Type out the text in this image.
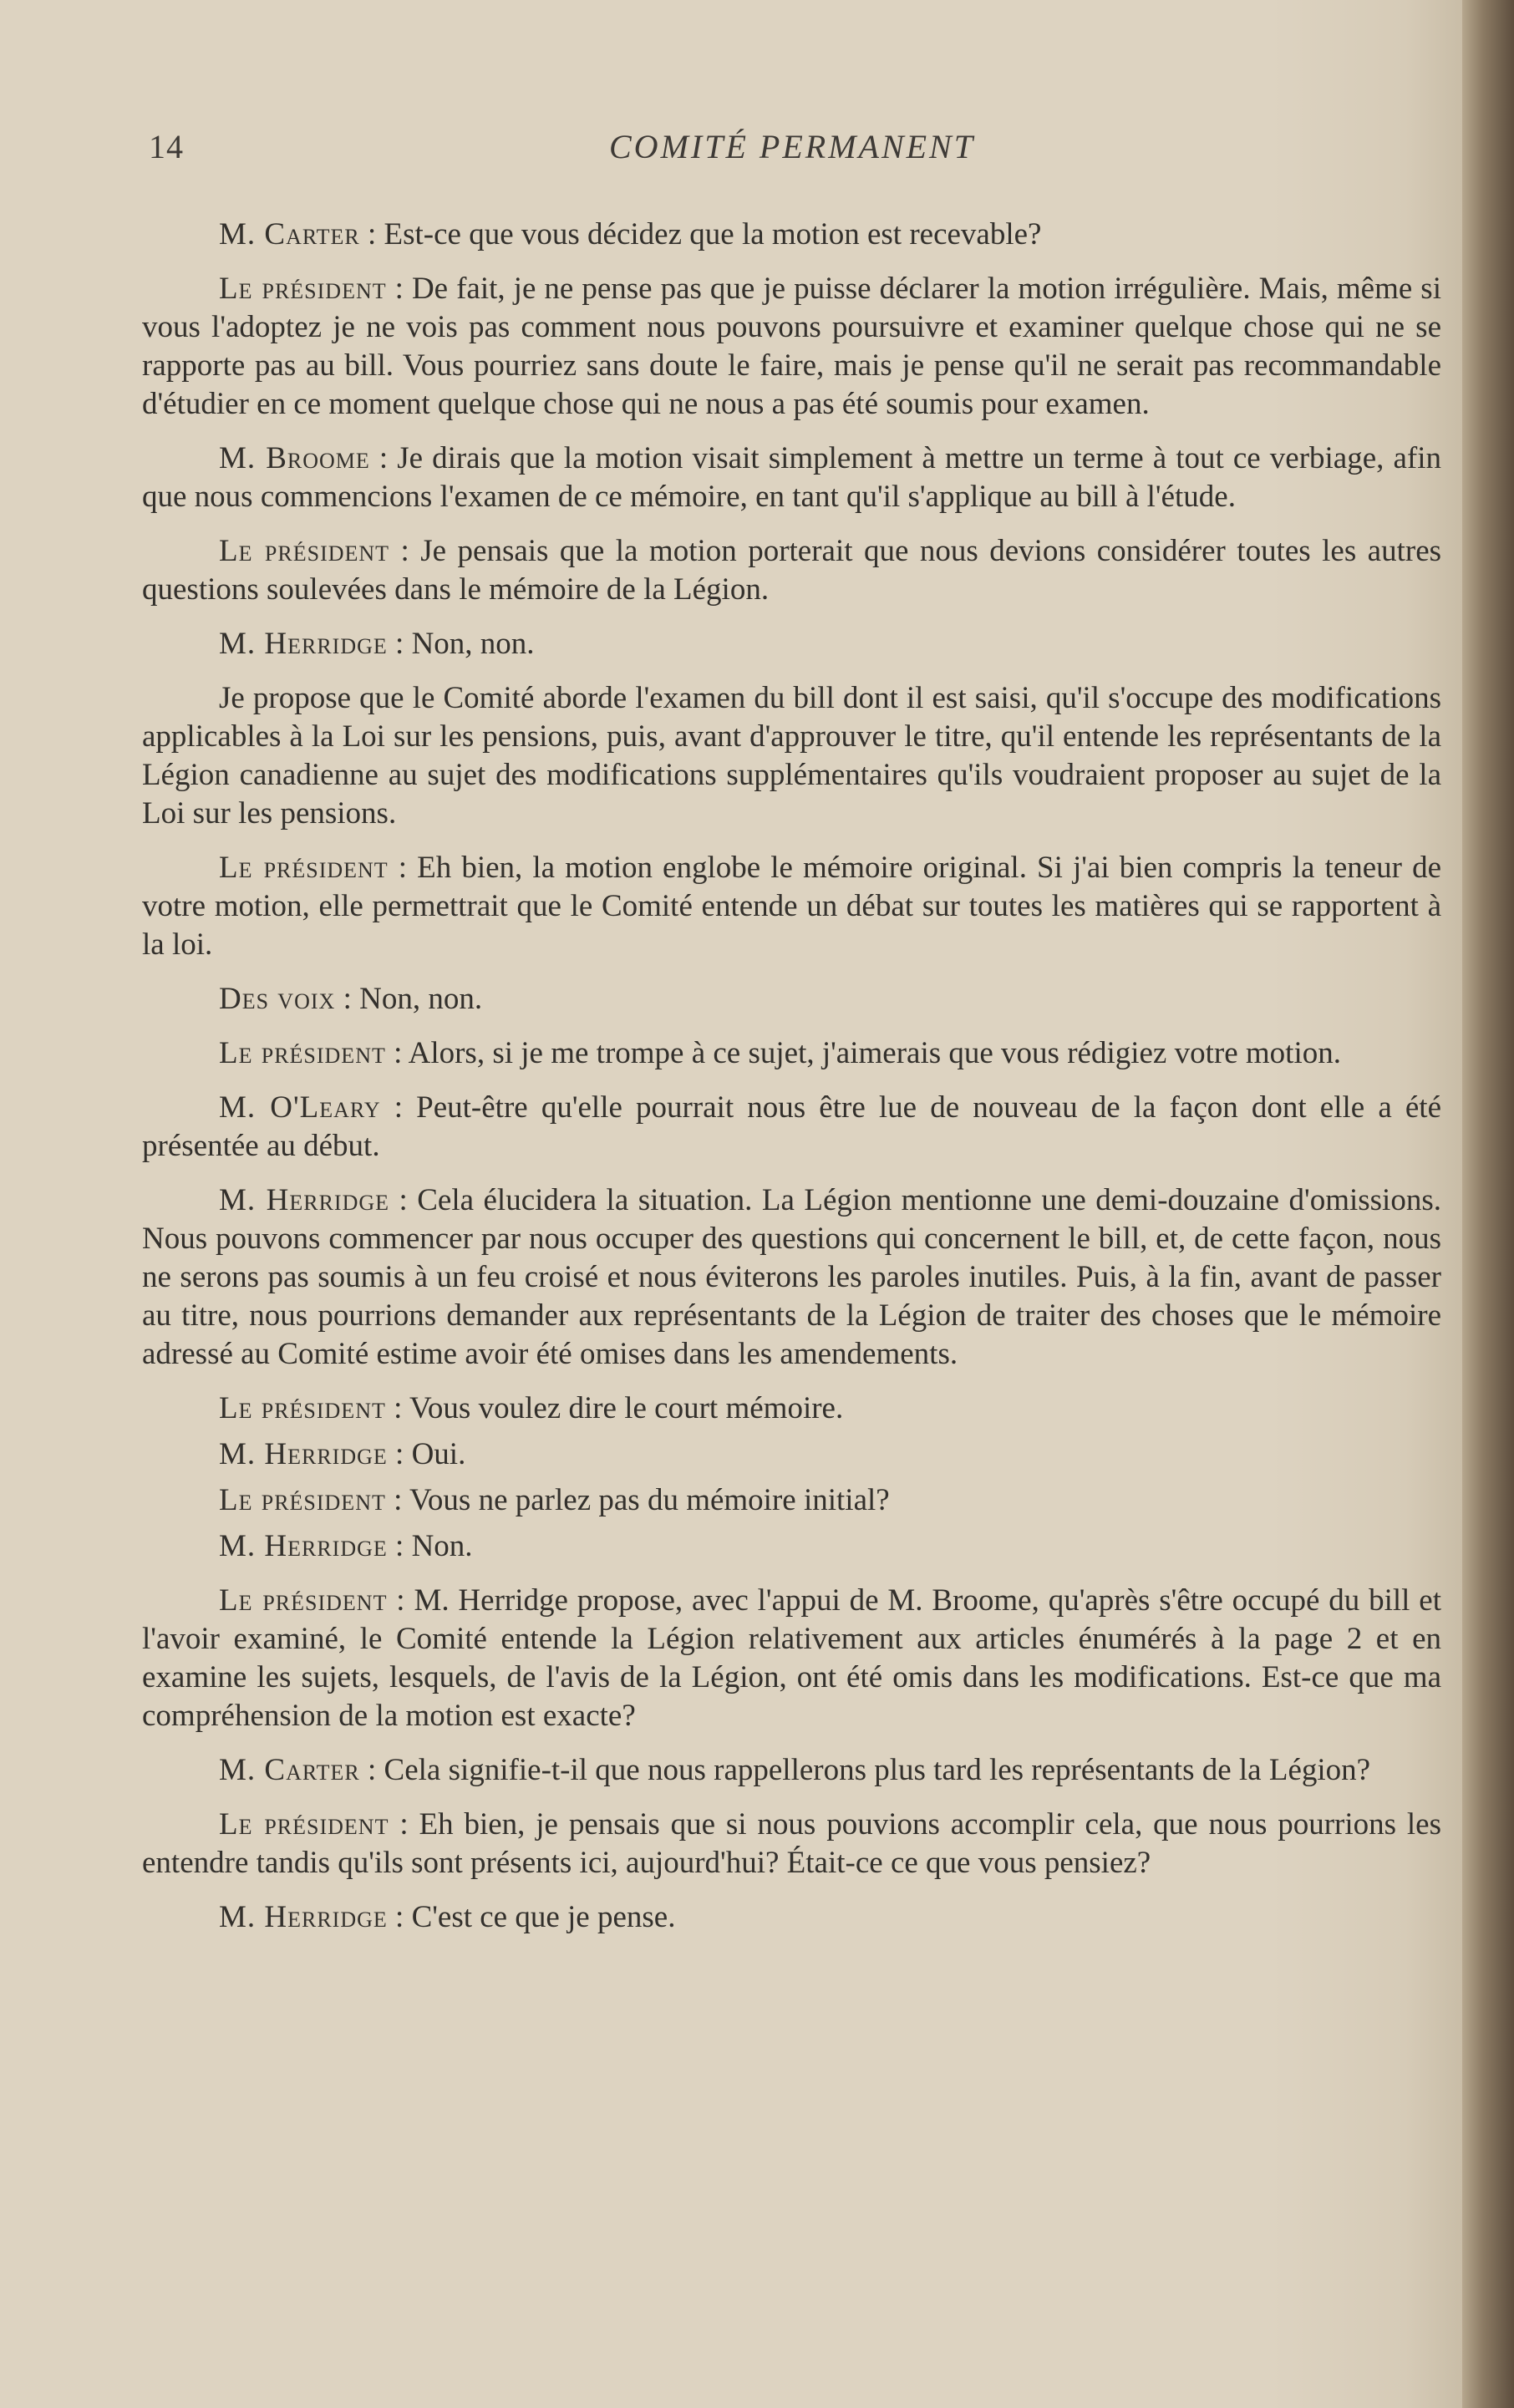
14	COMITÉ PERMANENT

M. Carter : Est-ce que vous décidez que la motion est recevable?

Le président : De fait, je ne pense pas que je puisse déclarer la motion irrégulière. Mais, même si vous l'adoptez je ne vois pas comment nous pouvons poursuivre et examiner quelque chose qui ne se rapporte pas au bill. Vous pourriez sans doute le faire, mais je pense qu'il ne serait pas recommandable d'étudier en ce moment quelque chose qui ne nous a pas été soumis pour examen.

M. Broome : Je dirais que la motion visait simplement à mettre un terme à tout ce verbiage, afin que nous commencions l'examen de ce mémoire, en tant qu'il s'applique au bill à l'étude.

Le président : Je pensais que la motion porterait que nous devions considérer toutes les autres questions soulevées dans le mémoire de la Légion.

M. Herridge : Non, non.

Je propose que le Comité aborde l'examen du bill dont il est saisi, qu'il s'occupe des modifications applicables à la Loi sur les pensions, puis, avant d'approuver le titre, qu'il entende les représentants de la Légion canadienne au sujet des modifications supplémentaires qu'ils voudraient proposer au sujet de la Loi sur les pensions.

Le président : Eh bien, la motion englobe le mémoire original. Si j'ai bien compris la teneur de votre motion, elle permettrait que le Comité entende un débat sur toutes les matières qui se rapportent à la loi.

Des voix : Non, non.

Le président : Alors, si je me trompe à ce sujet, j'aimerais que vous rédigiez votre motion.

M. O'Leary : Peut-être qu'elle pourrait nous être lue de nouveau de la façon dont elle a été présentée au début.

M. Herridge : Cela élucidera la situation. La Légion mentionne une demi-douzaine d'omissions. Nous pouvons commencer par nous occuper des questions qui concernent le bill, et, de cette façon, nous ne serons pas soumis à un feu croisé et nous éviterons les paroles inutiles. Puis, à la fin, avant de passer au titre, nous pourrions demander aux représentants de la Légion de traiter des choses que le mémoire adressé au Comité estime avoir été omises dans les amendements.

Le président : Vous voulez dire le court mémoire.

M. Herridge : Oui.

Le président : Vous ne parlez pas du mémoire initial?

M. Herridge : Non.

Le président : M. Herridge propose, avec l'appui de M. Broome, qu'après s'être occupé du bill et l'avoir examiné, le Comité entende la Légion relativement aux articles énumérés à la page 2 et en examine les sujets, lesquels, de l'avis de la Légion, ont été omis dans les modifications. Est-ce que ma compréhension de la motion est exacte?

M. Carter : Cela signifie-t-il que nous rappellerons plus tard les représentants de la Légion?

Le président : Eh bien, je pensais que si nous pouvions accomplir cela, que nous pourrions les entendre tandis qu'ils sont présents ici, aujourd'hui? Était-ce ce que vous pensiez?

M. Herridge : C'est ce que je pense.
